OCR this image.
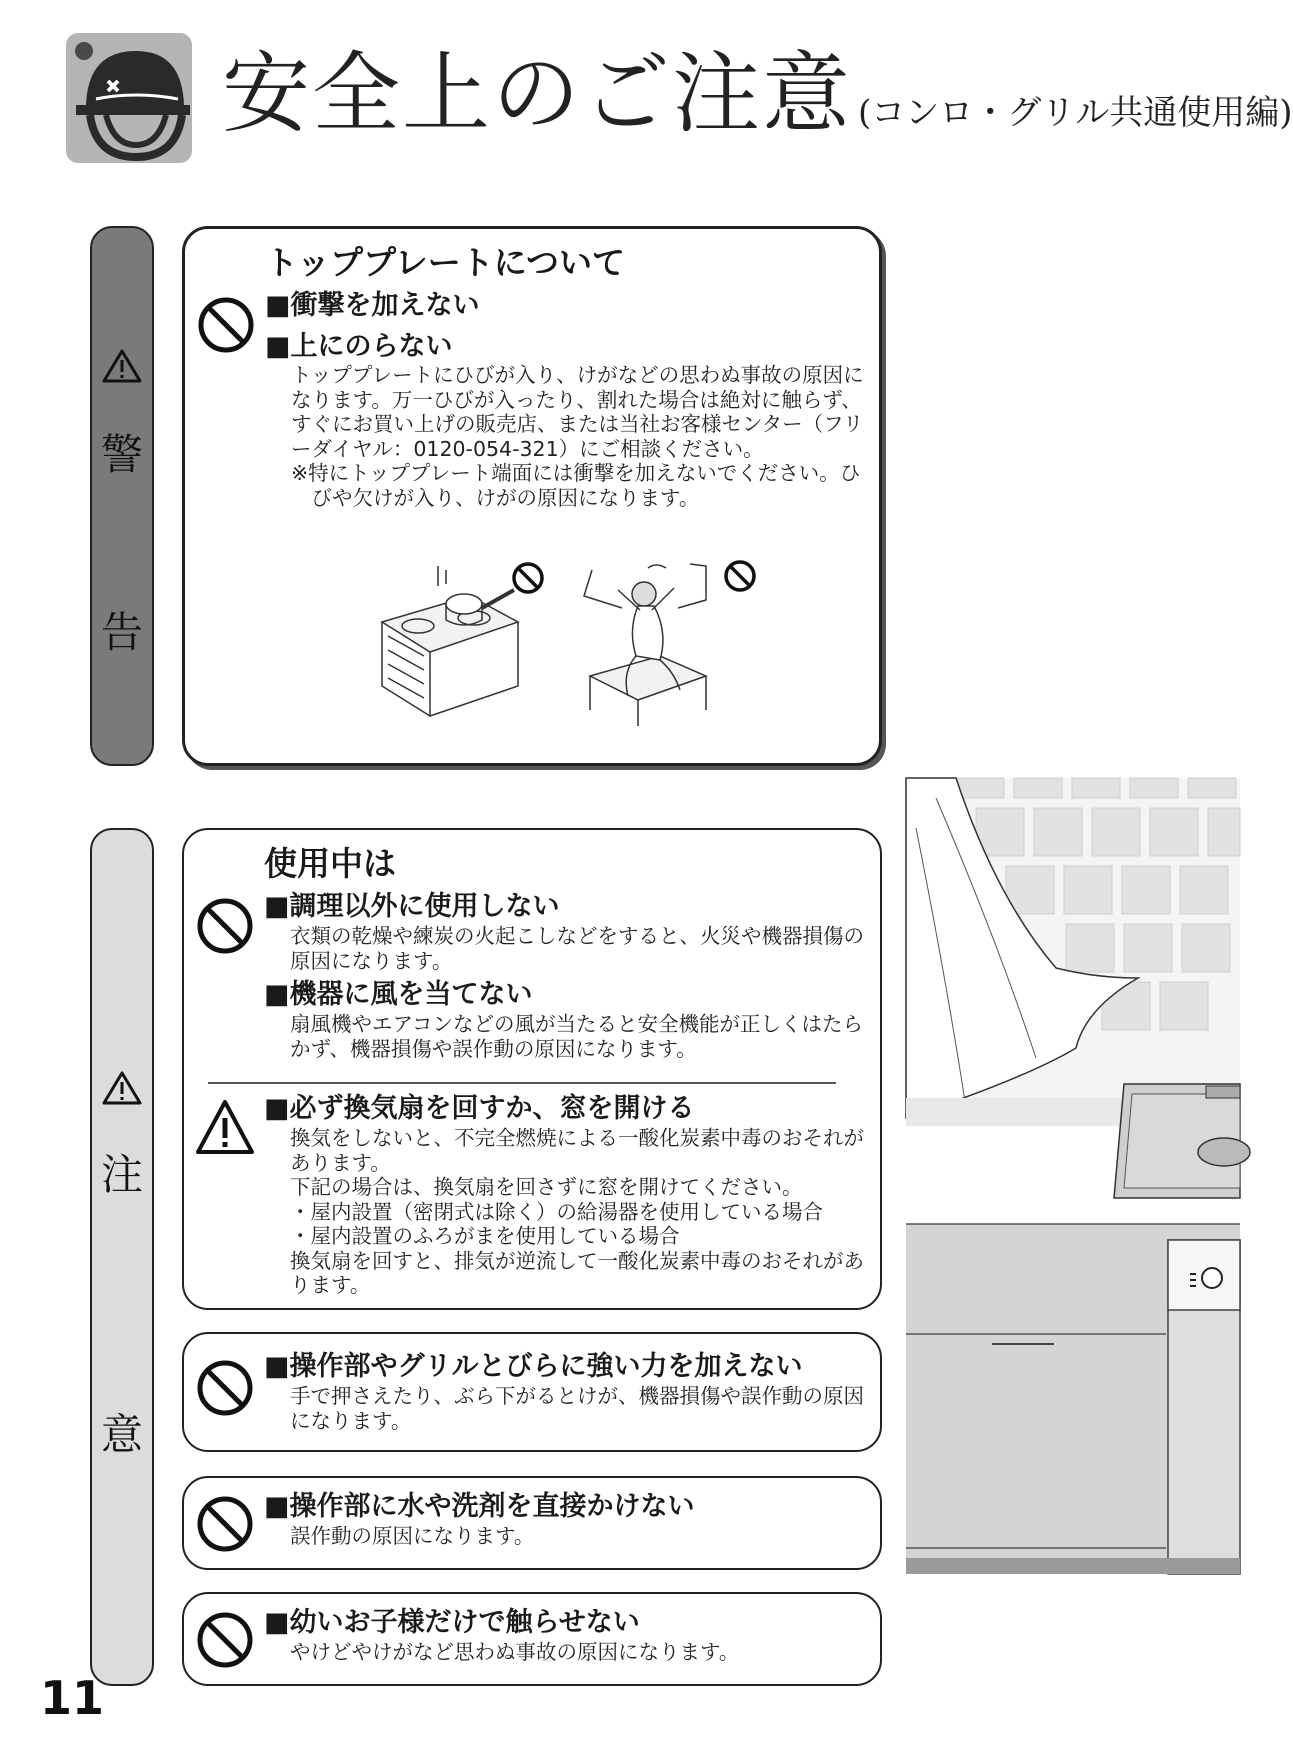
安全上のご注意 (コンロ・グリル共通使用編)
警
告
注
意
トッププレートについて
■衝撃を加えない
■上にのらない

トッププレートにひびが入り、けがなどの思わぬ事故の原因になります。万一ひびが入ったり、割れた場合は絶対に触らず、すぐにお買い上げの販売店、または当社お客様センター（フリーダイヤル：0120-054-321）にご相談ください。

※特にトッププレート端面には衝撃を加えないでください。ひびや欠けが入り、けがの原因になります。

使用中は
■調理以外に使用しない
衣類の乾燥や練炭の火起こしなどをすると、火災や機器損傷の原因になります。
■機器に風を当てない
扇風機やエアコンなどの風が当たると安全機能が正しくはたらかず、機器損傷や誤作動の原因になります。
■必ず換気扇を回すか、窓を開ける

換気をしないと、不完全燃焼による一酸化炭素中毒のおそれがあります。

下記の場合は、換気扇を回さずに窓を開けてください。

・屋内設置（密閉式は除く）の給湯器を使用している場合

・屋内設置のふろがまを使用している場合

換気扇を回すと、排気が逆流して一酸化炭素中毒のおそれがあります。

■操作部やグリルとびらに強い力を加えない
手で押さえたり、ぶら下がるとけが、機器損傷や誤作動の原因になります。
■操作部に水や洗剤を直接かけない
誤作動の原因になります。
■幼いお子様だけで触らせない
やけどやけがなど思わぬ事故の原因になります。
11
